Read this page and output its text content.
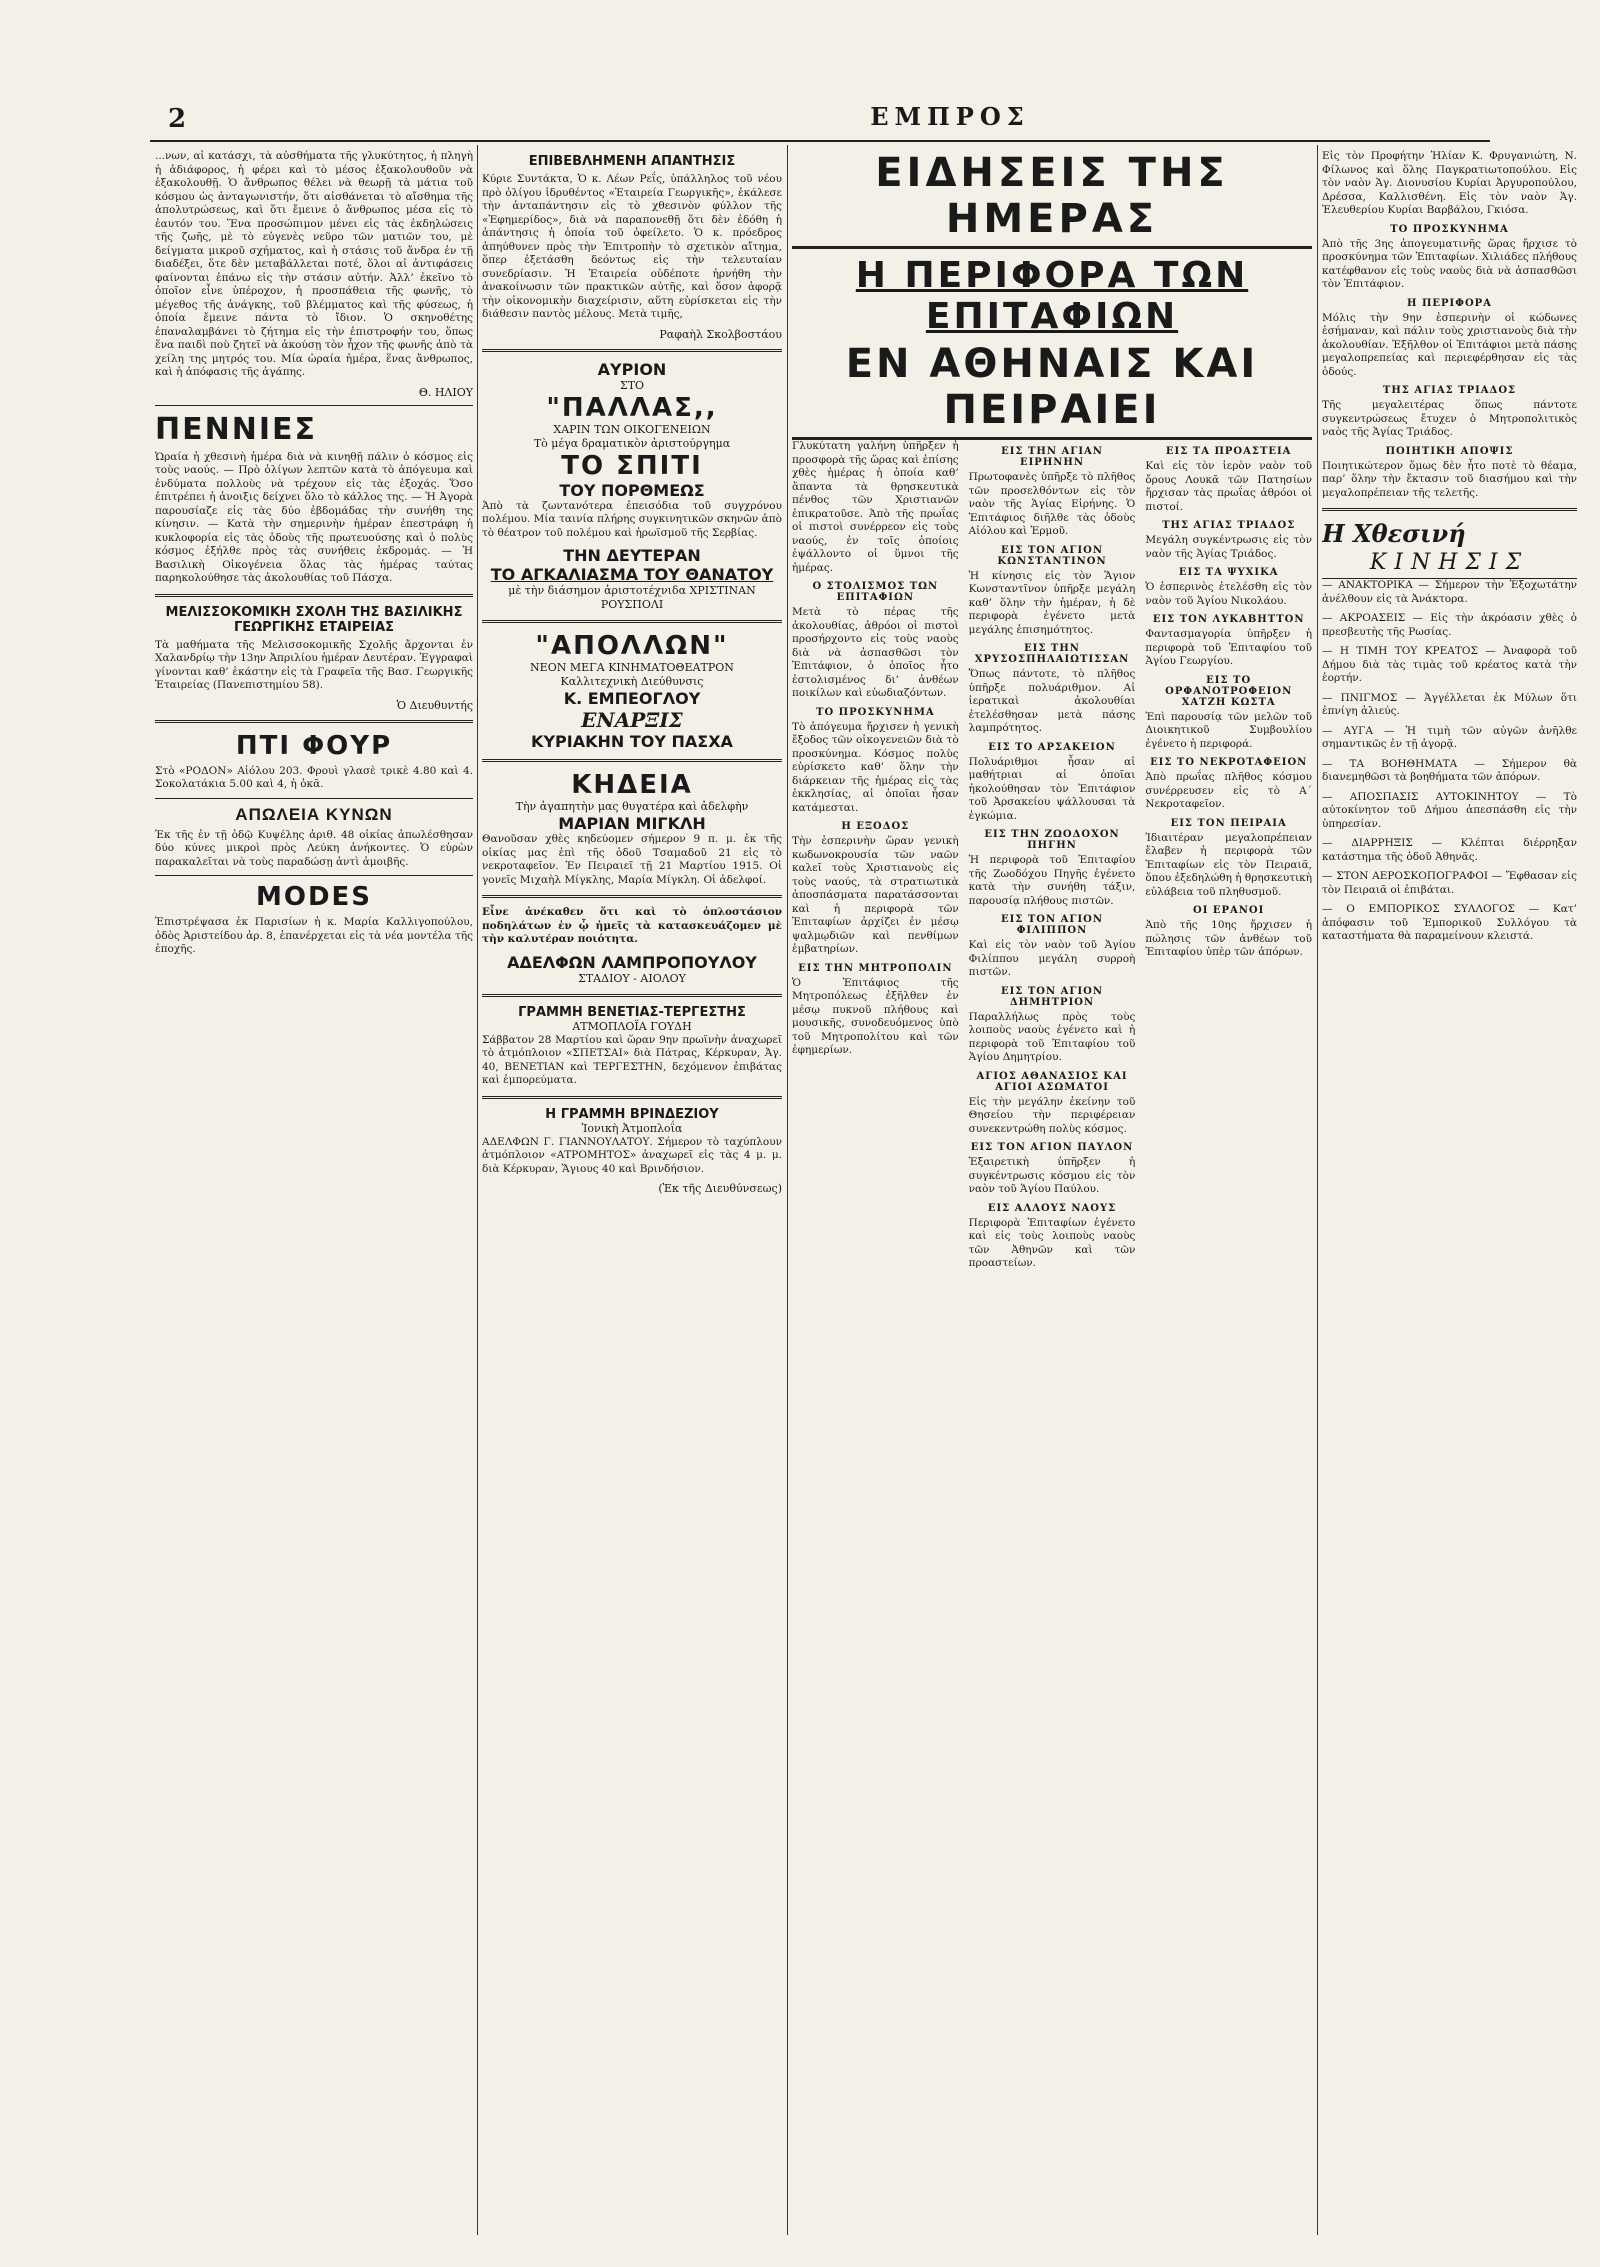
2	ΕΜΠΡΟΣ

...νων, αἱ κατάσχι, τὰ αὐσθήματα τῆς γλυκύτητος, ἡ πληγὴ ἡ ἀδιάφορος, ἡ φέρει καὶ τὸ μέσος ἐξακολουθοῦν νὰ ἐξακολουθῇ. Ὁ ἄνθρωπος θέλει νὰ θεωρῇ τὰ μάτια τοῦ κόσμου ὡς ἀνταγωνιστήν, ὅτι αἰσθάνεται τὸ αἴσθημα τῆς ἀπολυτρώσεως, καὶ ὅτι ἔμεινε ὁ ἄνθρωπος μέσα εἰς τὸ ἑαυτόν του. Ἕνα προσώπιμον μένει εἰς τὰς ἐκδηλώσεις τῆς ζωῆς, μὲ τὸ εὐγενὲς νεῦρο τῶν ματιῶν του, μὲ δείγματα μικροῦ σχήματος, καὶ ἡ στάσις τοῦ ἄνδρα ἐν τῇ διαδέξει, ὅτε δὲν μεταβάλλεται ποτέ, ὅλοι αἱ ἀντιφάσεις φαίνονται ἐπάνω εἰς τὴν στάσιν αὐτήν. Ἀλλ’ ἐκεῖνο τὸ ὁποῖον εἶνε ὑπέροχον, ἡ προσπάθεια τῆς φωνῆς, τὸ μέγεθος τῆς ἀνάγκης, τοῦ βλέμματος καὶ τῆς φύσεως, ἡ ὁποία ἔμεινε πάντα τὸ ἴδιον. Ὁ σκηνοθέτης ἐπαναλαμβάνει τὸ ζήτημα εἰς τὴν ἐπιστροφήν του, ὅπως ἕνα παιδὶ ποὺ ζητεῖ νὰ ἀκούσῃ τὸν ἦχον τῆς φωνῆς ἀπὸ τὰ χείλη της μητρός του. Μία ὡραία ἡμέρα, ἕνας ἄνθρωπος, καὶ ἡ ἀπόφασις τῆς ἀγάπης.

Θ. ΗΛΙΟΥ
ΠΕΝΝΙΕΣ

Ὡραία ἡ χθεσινὴ ἡμέρα διὰ νὰ κινηθῇ πάλιν ὁ κόσμος εἰς τοὺς ναούς. — Πρὸ ὀλίγων λεπτῶν κατὰ τὸ ἀπόγευμα καὶ ἐνδύματα πολλοὺς νὰ τρέχουν εἰς τὰς ἐξοχάς. Ὅσο ἐπιτρέπει ἡ ἀνοιξις δείχνει ὅλο τὸ κάλλος της. — Ἡ Ἀγορὰ παρουσίαζε εἰς τὰς δύο ἐβδομάδας τὴν συνήθη της κίνησιν. — Κατὰ τὴν σημερινὴν ἡμέραν ἐπεστράφη ἡ κυκλοφορία εἰς τὰς ὁδοὺς τῆς πρωτευούσης καὶ ὁ πολὺς κόσμος ἐξήλθε πρὸς τὰς συνήθεις ἐκδρομάς. — Ἡ Βασιλικὴ Οἰκογένεια ὅλας τὰς ἡμέρας ταύτας παρηκολούθησε τὰς ἀκολουθίας τοῦ Πάσχα.

ΜΕΛΙΣΣΟΚΟΜΙΚΗ ΣΧΟΛΗ ΤΗΣ ΒΑΣΙΛΙΚΗΣ ΓΕΩΡΓΙΚΗΣ ΕΤΑΙΡΕΙΑΣ

Τὰ μαθήματα τῆς Μελισσοκομικῆς Σχολῆς ἄρχονται ἐν Χαλανδρίῳ τὴν 13ην Ἀπριλίου ἡμέραν Δευτέραν. Ἐγγραφαὶ γίνονται καθ’ ἑκάστην εἰς τὰ Γραφεῖα τῆς Βασ. Γεωργικῆς Ἑταιρείας (Πανεπιστημίου 58).

Ὁ Διευθυντής
ΠΤΙ ΦΟΥΡ

Στὸ «ΡΟΔΟΝ» Αἰόλου 203. Φρουὶ γλασὲ τρικὲ 4.80 καὶ 4. Σοκολατάκια 5.00 καὶ 4, ἡ ὀκᾶ.

ΑΠΩΛΕΙΑ ΚΥΝΩΝ

Ἐκ τῆς ἐν τῇ ὁδῷ Κυψέλης ἀριθ. 48 οἰκίας ἀπωλέσθησαν δύο κύνες μικροὶ πρὸς Λεύκη ἀνήκοντες. Ὁ εὑρὼν παρακαλεῖται νὰ τοὺς παραδώσῃ ἀντὶ ἀμοιβῆς.

MODES

Ἐπιστρέψασα ἐκ Παρισίων ἡ κ. Μαρία Καλλιγοπούλου, ὁδὸς Ἀριστείδου ἀρ. 8, ἐπανέρχεται εἰς τὰ νέα μοντέλα τῆς ἐποχῆς.

ΕΠΙΒΕΒΛΗΜΕΝΗ ΑΠΑΝΤΗΣΙΣ

Κύριε Συντάκτα, Ὁ κ. Λέων Ρεΐς, ὑπάλληλος τοῦ νέου πρὸ ὀλίγου ἱδρυθέντος «Ἑταιρεία Γεωργικῆς», ἐκάλεσε τὴν ἀνταπάντησιν εἰς τὸ χθεσινὸν φύλλον τῆς «Ἐφημερίδος», διὰ νὰ παραπονεθῇ ὅτι δὲν ἐδόθη ἡ ἀπάντησις ἡ ὁποία τοῦ ὀφείλετο. Ὁ κ. πρόεδρος ἀπηύθυνεν πρὸς τὴν Ἐπιτροπὴν τὸ σχετικὸν αἴτημα, ὅπερ ἐξετάσθη δεόντως εἰς τὴν τελευταίαν συνεδρίασιν. Ἡ Ἑταιρεία οὐδέποτε ἠρνήθη τὴν ἀνακοίνωσιν τῶν πρακτικῶν αὐτῆς, καὶ ὅσον ἀφορᾷ τὴν οἰκονομικὴν διαχείρισιν, αὕτη εὑρίσκεται εἰς τὴν διάθεσιν παντὸς μέλους. Μετὰ τιμῆς,

Ραφαὴλ Σκολβοστάου
ΑΥΡΙΟΝ
ΣΤΟ
"ΠΑΛΛΑΣ,,
ΧΑΡΙΝ ΤΩΝ ΟΙΚΟΓΕΝΕΙΩΝ
Τὸ μέγα δραματικὸν ἀριστούργημα
ΤΟ ΣΠΙΤΙ
ΤΟΥ ΠΟΡΘΜΕΩΣ

Ἀπὸ τὰ ζωντανότερα ἐπεισόδια τοῦ συγχρόνου πολέμου. Μία ταινία πλήρης συγκινητικῶν σκηνῶν ἀπὸ τὸ θέατρον τοῦ πολέμου καὶ ἡρωϊσμοῦ τῆς Σερβίας.

ΤΗΝ ΔΕΥΤΕΡΑΝ
ΤΟ ΑΓΚΑΛΙΑΣΜΑ ΤΟΥ ΘΑΝΑΤΟΥ
μὲ τὴν διάσημον ἀριστοτέχνιδα ΧΡΙΣΤΙΝΑΝ ΡΟΥΣΠΟΛΙ
"ΑΠΟΛΛΩΝ"
ΝΕΟΝ ΜΕΓΑ ΚΙΝΗΜΑΤΟΘΕΑΤΡΟΝ
Καλλιτεχνικὴ Διεύθυνσις
Κ. ΕΜΠΕΟΓΛΟΥ
ΕΝΑΡΞΙΣ
ΚΥΡΙΑΚΗΝ ΤΟΥ ΠΑΣΧΑ
ΚΗΔΕΙΑ
Τὴν ἀγαπητὴν μας θυγατέρα καὶ ἀδελφὴν
ΜΑΡΙΑΝ ΜΙΓΚΛΗ

Θανοῦσαν χθὲς κηδεύομεν σήμερον 9 π. μ. ἐκ τῆς οἰκίας μας ἐπὶ τῆς ὁδοῦ Τσαμαδοῦ 21 εἰς τὸ νεκροταφεῖον. Ἐν Πειραιεῖ τῇ 21 Μαρτίου 1915. Οἱ γονεῖς Μιχαὴλ Μίγκλης, Μαρία Μίγκλη. Οἱ ἀδελφοί.

Εἶνε ἀνέκαθεν ὅτι καὶ τὸ ὁπλοστάσιον ποδηλάτων ἐν ᾧ ἡμεῖς τὰ κατασκευάζομεν μὲ τὴν καλυτέραν ποιότητα.

ΑΔΕΛΦΩΝ ΛΑΜΠΡΟΠΟΥΛΟΥ
ΣΤΑΔΙΟΥ - ΑΙΟΛΟΥ
ΓΡΑΜΜΗ ΒΕΝΕΤΙΑΣ-ΤΕΡΓΕΣΤΗΣ
ΑΤΜΟΠΛΟΪΑ ΓΟΥΔΗ

Σάββατον 28 Μαρτίου καὶ ὥραν 9ην πρωϊνὴν ἀναχωρεῖ τὸ ἀτμόπλοιον «ΣΠΕΤΣΑΙ» διὰ Πάτρας, Κέρκυραν, Ἀγ. 40, ΒΕΝΕΤΙΑΝ καὶ ΤΕΡΓΕΣΤΗΝ, δεχόμενον ἐπιβάτας καὶ ἐμπορεύματα.

Η ΓΡΑΜΜΗ ΒΡΙΝΔΕΖΙΟΥ
Ἰονικὴ Ἀτμοπλοΐα

ΑΔΕΛΦΩΝ Γ. ΓΙΑΝΝΟΥΛΑΤΟΥ. Σήμερον τὸ ταχύπλουν ἀτμόπλοιον «ΑΤΡΟΜΗΤΟΣ» ἀναχωρεῖ εἰς τὰς 4 μ. μ. διὰ Κέρκυραν, Ἅγιους 40 καὶ Βρινδήσιον.

(Ἐκ τῆς Διευθύνσεως)
ΕΙΔΗΣΕΙΣ ΤΗΣ ΗΜΕΡΑΣ
Η ΠΕΡΙΦΟΡΑ ΤΩΝ ΕΠΙΤΑΦΙΩΝ
ΕΝ ΑΘΗΝΑΙΣ ΚΑΙ ΠΕΙΡΑΙΕΙ

Γλυκύτατη γαλήνη ὑπῆρξεν ἡ προσφορὰ τῆς ὥρας καὶ ἐπίσης χθὲς ἡμέρας ἡ ὁποία καθ’ ἅπαντα τὰ θρησκευτικὰ πένθος τῶν Χριστιανῶν ἐπικρατοῦσε. Ἀπὸ τῆς πρωΐας οἱ πιστοὶ συνέρρεον εἰς τοὺς ναούς, ἐν τοῖς ὁποίοις ἐψάλλοντο οἱ ὕμνοι τῆς ἡμέρας.

Ο ΣΤΟΛΙΣΜΟΣ ΤΩΝ ΕΠΙΤΑΦΙΩΝ

Μετὰ τὸ πέρας τῆς ἀκολουθίας, ἀθρόοι οἱ πιστοὶ προσήρχοντο εἰς τοὺς ναοὺς διὰ νὰ ἀσπασθῶσι τὸν Ἐπιτάφιον, ὁ ὁποῖος ἦτο ἐστολισμένος δι’ ἀνθέων ποικίλων καὶ εὐωδιαζόντων.

ΤΟ ΠΡΟΣΚΥΝΗΜΑ

Τὸ ἀπόγευμα ἤρχισεν ἡ γενικὴ ἔξοδος τῶν οἰκογενειῶν διὰ τὸ προσκύνημα. Κόσμος πολὺς εὑρίσκετο καθ’ ὅλην τὴν διάρκειαν τῆς ἡμέρας εἰς τὰς ἐκκλησίας, αἱ ὁποῖαι ἦσαν κατάμεσται.

Η ΕΞΟΔΟΣ

Τὴν ἑσπερινὴν ὥραν γενικὴ κωδωνοκρουσία τῶν ναῶν καλεῖ τοὺς Χριστιανοὺς εἰς τοὺς ναούς, τὰ στρατιωτικὰ ἀποσπάσματα παρατάσσονται καὶ ἡ περιφορὰ τῶν Ἐπιταφίων ἀρχίζει ἐν μέσῳ ψαλμῳδιῶν καὶ πενθίμων ἐμβατηρίων.

ΕΙΣ ΤΗΝ ΜΗΤΡΟΠΟΛΙΝ

Ὁ Ἐπιτάφιος τῆς Μητροπόλεως ἐξῆλθεν ἐν μέσῳ πυκνοῦ πλήθους καὶ μουσικῆς, συνοδευόμενος ὑπὸ τοῦ Μητροπολίτου καὶ τῶν ἐφημερίων.

ΕΙΣ ΤΗΝ ΑΓΙΑΝ ΕΙΡΗΝΗΝ

Πρωτοφανὲς ὑπῆρξε τὸ πλῆθος τῶν προσελθόντων εἰς τὸν ναὸν τῆς Ἁγίας Εἰρήνης. Ὁ Ἐπιτάφιος διῆλθε τὰς ὁδοὺς Αἰόλου καὶ Ἑρμοῦ.

ΕΙΣ ΤΟΝ ΑΓΙΟΝ ΚΩΝΣΤΑΝΤΙΝΟΝ

Ἡ κίνησις εἰς τὸν Ἅγιον Κωνσταντῖνον ὑπῆρξε μεγάλη καθ’ ὅλην τὴν ἡμέραν, ἡ δὲ περιφορὰ ἐγένετο μετὰ μεγάλης ἐπισημότητος.

ΕΙΣ ΤΗΝ ΧΡΥΣΟΣΠΗΛΑΙΩΤΙΣΣΑΝ

Ὅπως πάντοτε, τὸ πλῆθος ὑπῆρξε πολυάριθμον. Αἱ ἱερατικαὶ ἀκολουθίαι ἐτελέσθησαν μετὰ πάσης λαμπρότητος.

ΕΙΣ ΤΟ ΑΡΣΑΚΕΙΟΝ

Πολυάριθμοι ἦσαν αἱ μαθήτριαι αἱ ὁποῖαι ἠκολούθησαν τὸν Ἐπιτάφιον τοῦ Ἀρσακείου ψάλλουσαι τὰ ἐγκώμια.

ΕΙΣ ΤΗΝ ΖΩΟΔΟΧΟΝ ΠΗΓΗΝ

Ἡ περιφορὰ τοῦ Ἐπιταφίου τῆς Ζωοδόχου Πηγῆς ἐγένετο κατὰ τὴν συνήθη τάξιν, παρουσίᾳ πλήθους πιστῶν.

ΕΙΣ ΤΟΝ ΑΓΙΟΝ ΦΙΛΙΠΠΟΝ

Καὶ εἰς τὸν ναὸν τοῦ Ἁγίου Φιλίππου μεγάλη συρροὴ πιστῶν.

ΕΙΣ ΤΟΝ ΑΓΙΟΝ ΔΗΜΗΤΡΙΟΝ

Παραλλήλως πρὸς τοὺς λοιποὺς ναοὺς ἐγένετο καὶ ἡ περιφορὰ τοῦ Ἐπιταφίου τοῦ Ἁγίου Δημητρίου.

ΑΓΙΟΣ ΑΘΑΝΑΣΙΟΣ ΚΑΙ ΑΓΙΟΙ ΑΣΩΜΑΤΟΙ

Εἰς τὴν μεγάλην ἐκείνην τοῦ Θησείου τὴν περιφέρειαν συνεκεντρώθη πολὺς κόσμος.

ΕΙΣ ΤΟΝ ΑΓΙΟΝ ΠΑΥΛΟΝ

Ἐξαιρετικὴ ὑπῆρξεν ἡ συγκέντρωσις κόσμου εἰς τὸν ναὸν τοῦ Ἁγίου Παύλου.

ΕΙΣ ΑΛΛΟΥΣ ΝΑΟΥΣ

Περιφορὰ Ἐπιταφίων ἐγένετο καὶ εἰς τοὺς λοιποὺς ναοὺς τῶν Ἀθηνῶν καὶ τῶν προαστείων.

ΕΙΣ ΤΑ ΠΡΟΑΣΤΕΙΑ

Καὶ εἰς τὸν ἱερὸν ναὸν τοῦ ὄρους Λουκᾶ τῶν Πατησίων ἤρχισαν τὰς πρωΐας ἀθρόοι οἱ πιστοί.

ΤΗΣ ΑΓΙΑΣ ΤΡΙΑΔΟΣ

Μεγάλη συγκέντρωσις εἰς τὸν ναὸν τῆς Ἁγίας Τριάδος.

ΕΙΣ ΤΑ ΨΥΧΙΚΑ

Ὁ ἑσπερινὸς ἐτελέσθη εἰς τὸν ναὸν τοῦ Ἁγίου Νικολάου.

ΕΙΣ ΤΟΝ ΛΥΚΑΒΗΤΤΟΝ

Φαντασμαγορία ὑπῆρξεν ἡ περιφορὰ τοῦ Ἐπιταφίου τοῦ Ἁγίου Γεωργίου.

ΕΙΣ ΤΟ ΟΡΦΑΝΟΤΡΟΦΕΙΟΝ ΧΑΤΖΗ ΚΩΣΤΑ

Ἐπὶ παρουσίᾳ τῶν μελῶν τοῦ Διοικητικοῦ Συμβουλίου ἐγένετο ἡ περιφορά.

ΕΙΣ ΤΟ ΝΕΚΡΟΤΑΦΕΙΟΝ

Ἀπὸ πρωΐας πλῆθος κόσμου συνέρρευσεν εἰς τὸ Α΄ Νεκροταφεῖον.

ΕΙΣ ΤΟΝ ΠΕΙΡΑΙΑ

Ἰδιαιτέραν μεγαλοπρέπειαν ἔλαβεν ἡ περιφορὰ τῶν Ἐπιταφίων εἰς τὸν Πειραιᾶ, ὅπου ἐξεδηλώθη ἡ θρησκευτικὴ εὐλάβεια τοῦ πληθυσμοῦ.

ΟΙ ΕΡΑΝΟΙ

Ἀπὸ τῆς 10ης ἤρχισεν ἡ πώλησις τῶν ἀνθέων τοῦ Ἐπιταφίου ὑπὲρ τῶν ἀπόρων.

Εἰς τὸν Προφήτην Ἠλίαν Κ. Φρυγανιώτη, Ν. Φίλωνος καὶ ὅλης Παγκρατιωτοπούλου. Εἰς τὸν ναὸν Ἁγ. Διονυσίου Κυρίαι Ἀργυροπούλου, Δρέσσα, Καλλισθένη. Εἰς τὸν ναὸν Ἁγ. Ἐλευθερίου Κυρίαι Βαρβάλου, Γκιόσα.

ΤΟ ΠΡΟΣΚΥΝΗΜΑ

Ἀπὸ τῆς 3ης ἀπογευματινῆς ὥρας ἤρχισε τὸ προσκύνημα τῶν Ἐπιταφίων. Χιλιάδες πλήθους κατέφθανον εἰς τοὺς ναοὺς διὰ νὰ ἀσπασθῶσι τὸν Ἐπιτάφιον.

Η ΠΕΡΙΦΟΡΑ

Μόλις τὴν 9ην ἑσπερινὴν οἱ κώδωνες ἐσήμαναν, καὶ πάλιν τοὺς χριστιανοὺς διὰ τὴν ἀκολουθίαν. Ἐξῆλθον οἱ Ἐπιτάφιοι μετὰ πάσης μεγαλοπρεπείας καὶ περιεφέρθησαν εἰς τὰς ὁδούς.

ΤΗΣ ΑΓΙΑΣ ΤΡΙΑΔΟΣ

Τῆς μεγαλειτέρας ὅπως πάντοτε συγκεντρώσεως ἔτυχεν ὁ Μητροπολιτικὸς ναὸς τῆς Ἁγίας Τριάδος.

ΠΟΙΗΤΙΚΗ ΑΠΟΨΙΣ

Ποιητικώτερον ὅμως δὲν ἦτο ποτὲ τὸ θέαμα, παρ’ ὅλην τὴν ἔκτασιν τοῦ διασήμου καὶ τὴν μεγαλοπρέπειαν τῆς τελετῆς.

Η Χθεσινή
ΚΙΝΗΣΙΣ

— ΑΝΑΚΤΟΡΙΚΑ — Σήμερον τὴν Ἐξοχωτάτην ἀνέλθουν εἰς τὰ Ἀνάκτορα.

— ΑΚΡΟΑΣΕΙΣ — Εἰς τὴν ἀκρόασιν χθὲς ὁ πρεσβευτὴς τῆς Ρωσίας.

— Η ΤΙΜΗ ΤΟΥ ΚΡΕΑΤΟΣ — Ἀναφορὰ τοῦ Δήμου διὰ τὰς τιμὰς τοῦ κρέατος κατὰ τὴν ἑορτήν.

— ΠΝΙΓΜΟΣ — Ἀγγέλλεται ἐκ Μύλων ὅτι ἐπνίγη ἀλιεύς.

— ΑΥΓΑ — Ἡ τιμὴ τῶν αὐγῶν ἀνῆλθε σημαντικῶς ἐν τῇ ἀγορᾷ.

— ΤΑ ΒΟΗΘΗΜΑΤΑ — Σήμερον θὰ διανεμηθῶσι τὰ βοηθήματα τῶν ἀπόρων.

— ΑΠΟΣΠΑΣΙΣ ΑΥΤΟΚΙΝΗΤΟΥ — Τὸ αὐτοκίνητον τοῦ Δήμου ἀπεσπάσθη εἰς τὴν ὑπηρεσίαν.

— ΔΙΑΡΡΗΞΙΣ — Κλέπται διέρρηξαν κατάστημα τῆς ὁδοῦ Ἀθηνᾶς.

— ΣΤΟΝ ΑΕΡΟΣΚΟΠΟΓΡΑΦΟΙ — Ἔφθασαν εἰς τὸν Πειραιᾶ οἱ ἐπιβάται.

— Ο ΕΜΠΟΡΙΚΟΣ ΣΥΛΛΟΓΟΣ — Κατ’ ἀπόφασιν τοῦ Ἐμπορικοῦ Συλλόγου τὰ καταστήματα θὰ παραμείνουν κλειστά.
